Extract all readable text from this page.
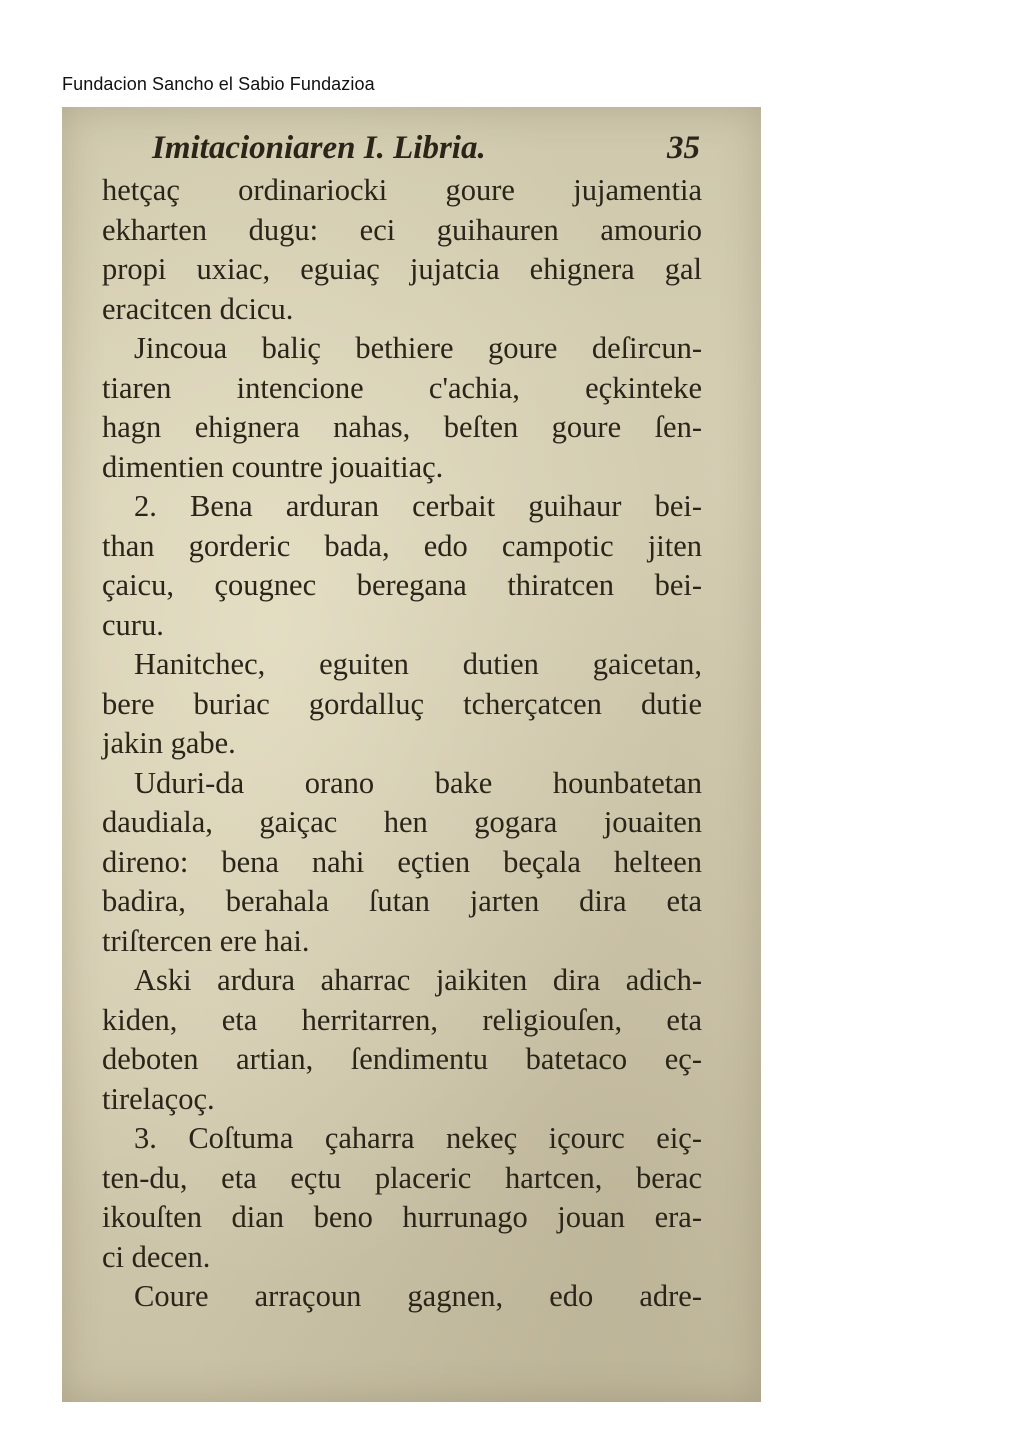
Fundacion Sancho el Sabio Fundazioa
Imitacioniaren I. Libria.	35
hetçaç ordinariocki goure jujamentia
ekharten dugu: eci guihauren amourio
propi uxiac, eguiaç jujatcia ehignera gal
eracitcen dcicu.
Jincoua baliç bethiere goure deſircun-
tiaren intencione c'achia, eçkinteke
hagn ehignera nahas, beſten goure ſen-
dimentien countre jouaitiaç.
2. Bena arduran cerbait guihaur bei-
than gorderic bada, edo campotic jiten
çaicu, çougnec beregana thiratcen bei-
curu.
Hanitchec, eguiten dutien gaicetan,
bere buriac gordalluç tcherçatcen dutie
jakin gabe.
Uduri-da orano bake hounbatetan
daudiala, gaiçac hen gogara jouaiten
direno: bena nahi eçtien beçala helteen
badira, berahala ſutan jarten dira eta
triſtercen ere hai.
Aski ardura aharrac jaikiten dira adich-
kiden, eta herritarren, religiouſen, eta
deboten artian, ſendimentu batetaco eç-
tirelaçoç.
3. Coſtuma çaharra nekeç içourc eiç-
ten-du, eta eçtu placeric hartcen, berac
ikouſten dian beno hurrunago jouan era-
ci decen.
Coure arraçoun gagnen, edo adre-
